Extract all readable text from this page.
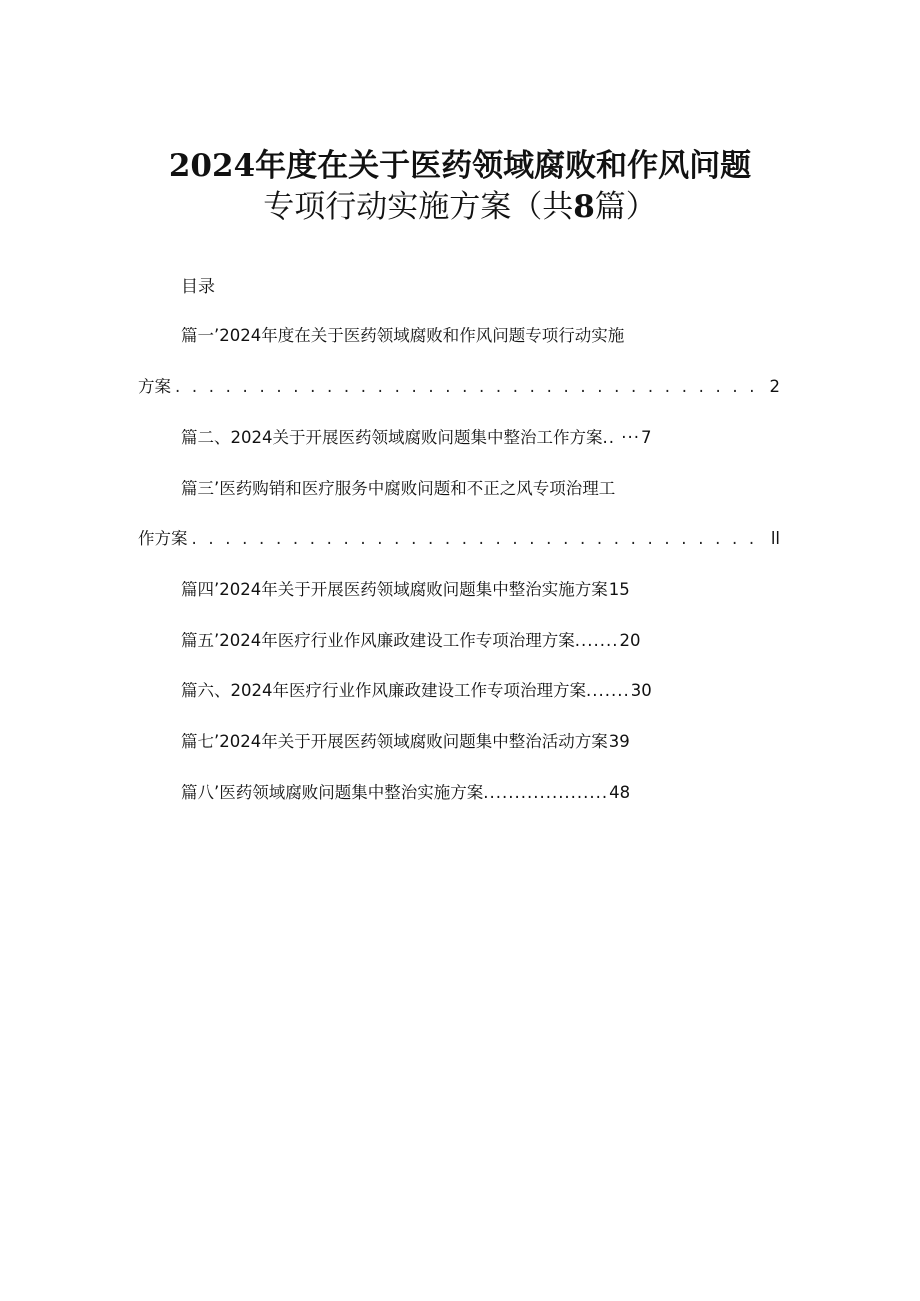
2024年度在关于医药领域腐败和作风问题
专项行动实施方案（共8篇）
目录
篇一’2024年度在关于医药领域腐败和作风问题专项行动实施
方案 . . .	2
篇二、2024关于开展医药领域腐败问题集中整治工作方案 .. ··· 7
篇三’医药购销和医疗服务中腐败问题和不正之风专项治理工
作方案 . . .	ll
篇四’2024年关于开展医药领域腐败问题集中整治实施方案 15
篇五’2024年医疗行业作风廉政建设工作专项治理方案 ....... 20
篇六、2024年医疗行业作风廉政建设工作专项治理方案 ....... 30
篇七’2024年关于开展医药领域腐败问题集中整治活动方案 39
篇八’医药领域腐败问题集中整治实施方案 .................... 48
